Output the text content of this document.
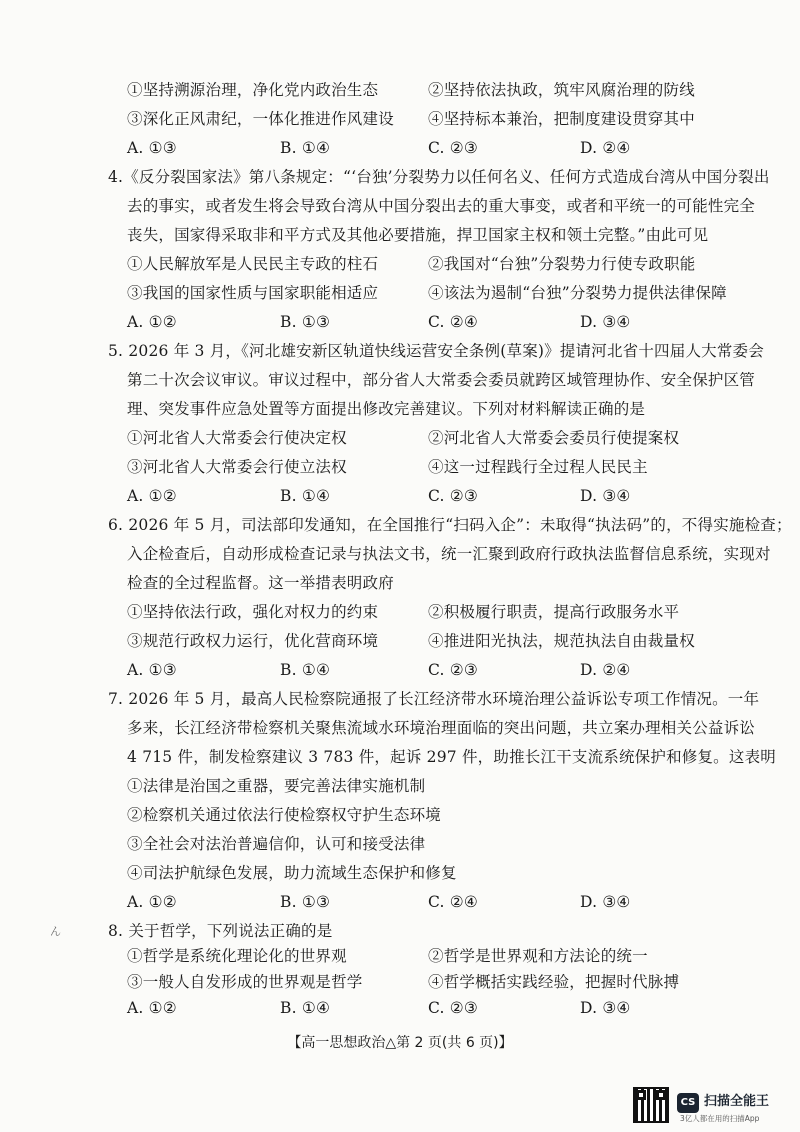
①坚持溯源治理，净化党内政治生态	②坚持依法执政，筑牢风腐治理的防线
③深化正风肃纪，一体化推进作风建设 ④坚持标本兼治，把制度建设贯穿其中
A. ①③	B. ①④	C. ②③	D. ②④
4.《反分裂国家法》第八条规定：“‘台独’分裂势力以任何名义、任何方式造成台湾从中国分裂出
去的事实，或者发生将会导致台湾从中国分裂出去的重大事变，或者和平统一的可能性完全
丧失，国家得采取非和平方式及其他必要措施，捍卫国家主权和领土完整。”由此可见
①人民解放军是人民民主专政的柱石	②我国对“台独”分裂势力行使专政职能
③我国的国家性质与国家职能相适应	④该法为遏制“台独”分裂势力提供法律保障
A. ①②	B. ①③	C. ②④	D. ③④
5. 2026 年 3 月，《河北雄安新区轨道快线运营安全条例(草案)》提请河北省十四届人大常委会
第二十次会议审议。审议过程中，部分省人大常委会委员就跨区域管理协作、安全保护区管
理、突发事件应急处置等方面提出修改完善建议。下列对材料解读正确的是
①河北省人大常委会行使决定权	②河北省人大常委会委员行使提案权
③河北省人大常委会行使立法权	④这一过程践行全过程人民民主
A. ①②	B. ①④	C. ②③	D. ③④
6. 2026 年 5 月，司法部印发通知，在全国推行“扫码入企”：未取得“执法码”的，不得实施检查；
入企检查后，自动形成检查记录与执法文书，统一汇聚到政府行政执法监督信息系统，实现对
检查的全过程监督。这一举措表明政府
①坚持依法行政，强化对权力的约束	②积极履行职责，提高行政服务水平
③规范行政权力运行，优化营商环境	④推进阳光执法，规范执法自由裁量权
A. ①③	B. ①④	C. ②③	D. ②④
7. 2026 年 5 月，最高人民检察院通报了长江经济带水环境治理公益诉讼专项工作情况。一年
多来，长江经济带检察机关聚焦流域水环境治理面临的突出问题，共立案办理相关公益诉讼
4 715 件，制发检察建议 3 783 件，起诉 297 件，助推长江干支流系统保护和修复。这表明
①法律是治国之重器，要完善法律实施机制
②检察机关通过依法行使检察权守护生态环境
③全社会对法治普遍信仰，认可和接受法律
④司法护航绿色发展，助力流域生态保护和修复
A. ①②	B. ①③	C. ②④	D. ③④
8. 关于哲学，下列说法正确的是
ん
①哲学是系统化理论化的世界观	②哲学是世界观和方法论的统一
③一般人自发形成的世界观是哲学	④哲学概括实践经验，把握时代脉搏
A. ①②	B. ①④	C. ②③	D. ③④
【高一思想政治△第 2 页(共 6 页)】
CS 扫描全能王
3亿人都在用的扫描App
